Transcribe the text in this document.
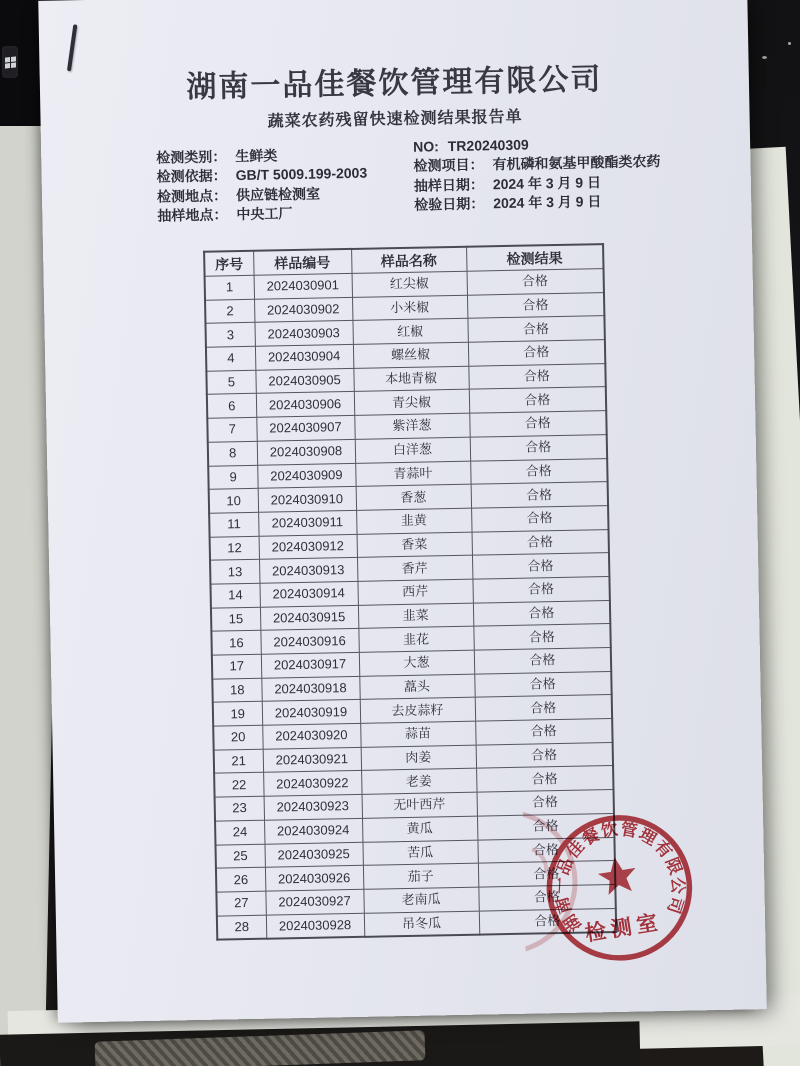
湖南一品佳餐饮管理有限公司
蔬菜农药残留快速检测结果报告单
检测类别： 生鲜类
检测依据： GB/T 5009.199-2003
检测地点： 供应链检测室
抽样地点： 中央工厂
NO: TR20240309
检测项目： 有机磷和氨基甲酸酯类农药
抽样日期： 2024 年 3 月 9 日
检验日期： 2024 年 3 月 9 日
序号	样品编号	样品名称	检测结果
1	2024030901	红尖椒	合格
2	2024030902	小米椒	合格
3	2024030903	红椒	合格
4	2024030904	螺丝椒	合格
5	2024030905	本地青椒	合格
6	2024030906	青尖椒	合格
7	2024030907	紫洋葱	合格
8	2024030908	白洋葱	合格
9	2024030909	青蒜叶	合格
10	2024030910	香葱	合格
11	2024030911	韭黄	合格
12	2024030912	香菜	合格
13	2024030913	香芹	合格
14	2024030914	西芹	合格
15	2024030915	韭菜	合格
16	2024030916	韭花	合格
17	2024030917	大葱	合格
18	2024030918	藠头	合格
19	2024030919	去皮蒜籽	合格
20	2024030920	蒜苗	合格
21	2024030921	肉姜	合格
22	2024030922	老姜	合格
23	2024030923	无叶西芹	合格
24	2024030924	黄瓜	合格
25	2024030925	苦瓜	合格
26	2024030926	茄子	合格
27	2024030927	老南瓜	合格
28	2024030928	吊冬瓜	合格 湖南一品佳餐饮管理有限公司
检测室
